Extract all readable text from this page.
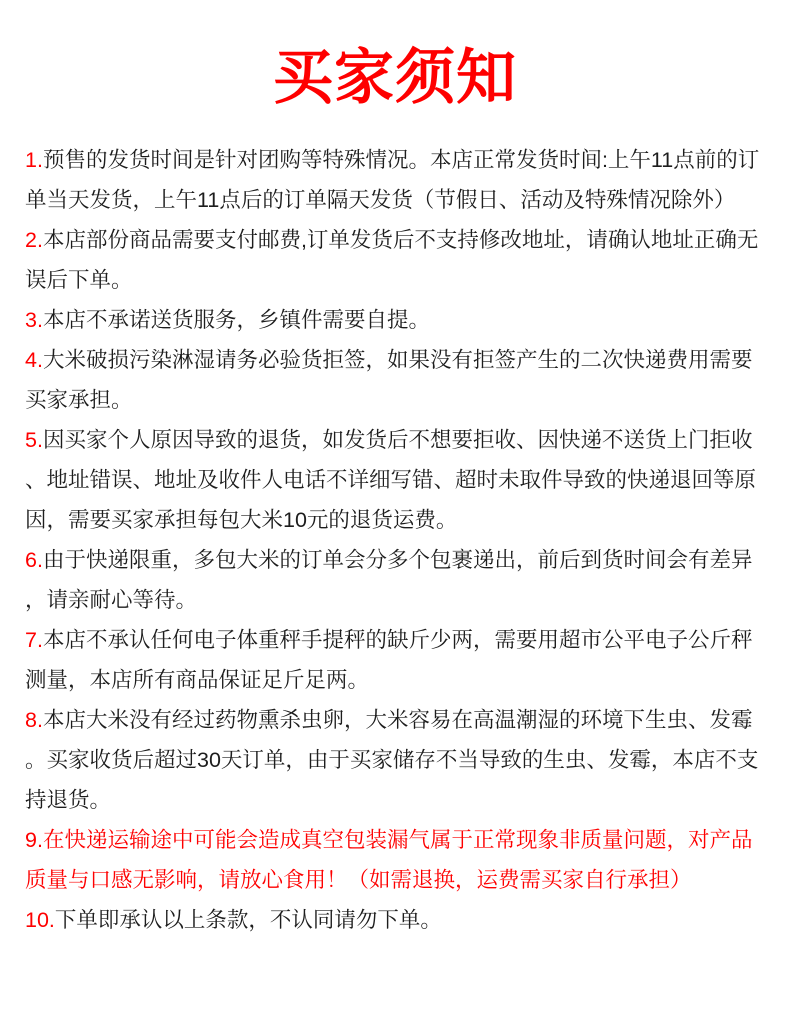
买家须知

1.预售的发货时间是针对团购等特殊情况。本店正常发货时间:上午11点前的订单当天发货，上午11点后的订单隔天发货（节假日、活动及特殊情况除外）

2.本店部份商品需要支付邮费,订单发货后不支持修改地址，请确认地址正确无误后下单。

3.本店不承诺送货服务，乡镇件需要自提。

4.大米破损污染淋湿请务必验货拒签，如果没有拒签产生的二次快递费用需要买家承担。

5.因买家个人原因导致的退货，如发货后不想要拒收、因快递不送货上门拒收、地址错误、地址及收件人电话不详细写错、超时未取件导致的快递退回等原因，需要买家承担每包大米10元的退货运费。

6.由于快递限重，多包大米的订单会分多个包裹递出，前后到货时间会有差异，请亲耐心等待。

7.本店不承认任何电子体重秤手提秤的缺斤少两，需要用超市公平电子公斤秤测量，本店所有商品保证足斤足两。

8.本店大米没有经过药物熏杀虫卵，大米容易在高温潮湿的环境下生虫、发霉。买家收货后超过30天订单，由于买家储存不当导致的生虫、发霉，本店不支持退货。

9.在快递运输途中可能会造成真空包装漏气属于正常现象非质量问题，对产品质量与口感无影响，请放心食用！（如需退换，运费需买家自行承担）

10.下单即承认以上条款，不认同请勿下单。
